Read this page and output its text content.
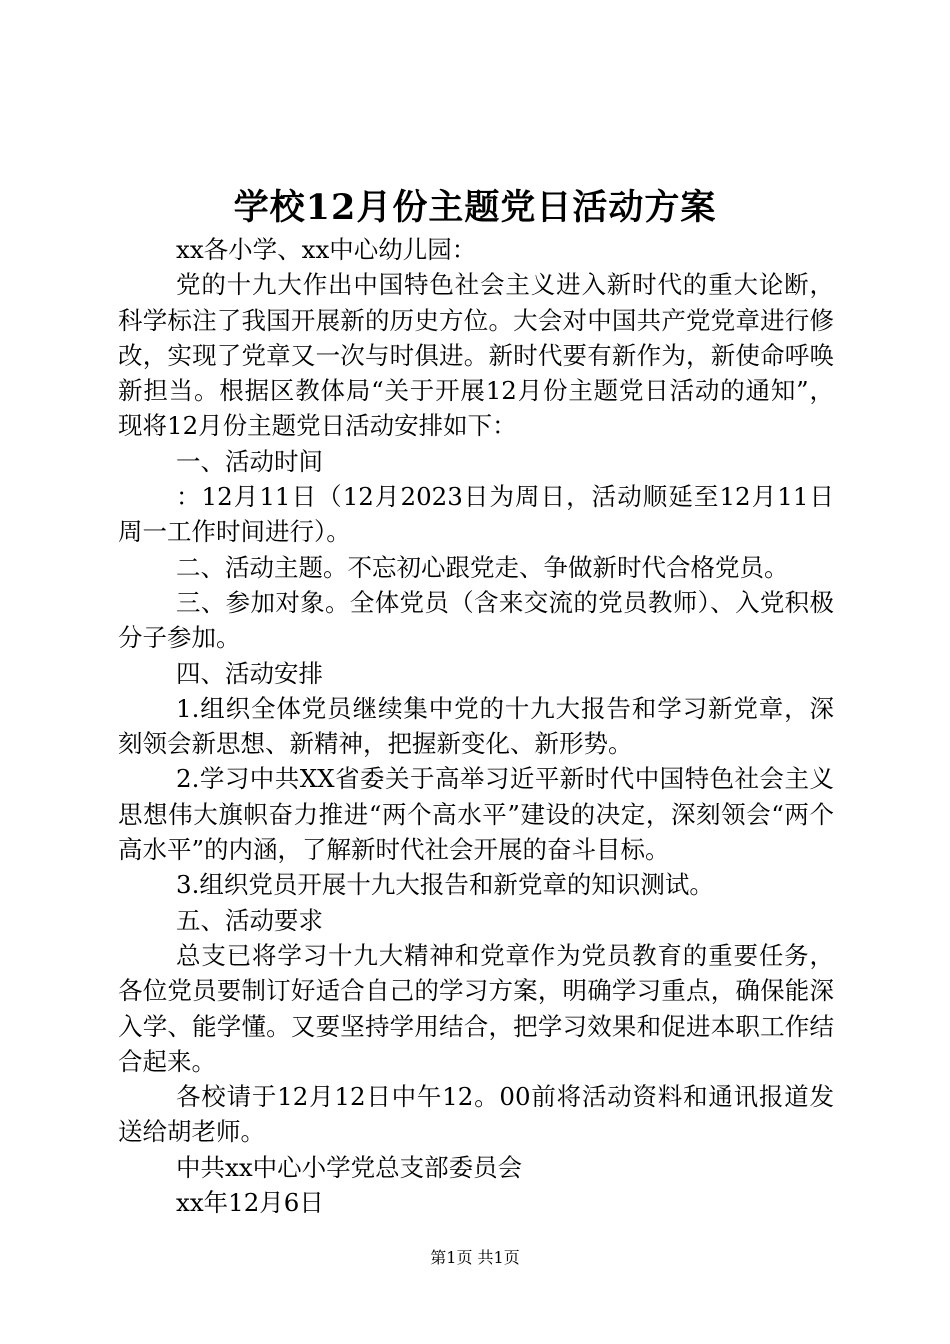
学校12月份主题党日活动方案

xx各小学、xx中心幼儿园：

党的十九大作出中国特色社会主义进入新时代的重大论断，科学标注了我国开展新的历史方位。大会对中国共产党党章进行修改，实现了党章又一次与时俱进。新时代要有新作为，新使命呼唤新担当。根据区教体局“关于开展12月份主题党日活动的通知”，现将12月份主题党日活动安排如下：

一、活动时间

：12月11日（12月2023日为周日，活动顺延至12月11日周一工作时间进行）。

二、活动主题。不忘初心跟党走、争做新时代合格党员。

三、参加对象。全体党员（含来交流的党员教师）、入党积极分子参加。

四、活动安排

1.组织全体党员继续集中党的十九大报告和学习新党章，深刻领会新思想、新精神，把握新变化、新形势。

2.学习中共XX省委关于高举习近平新时代中国特色社会主义思想伟大旗帜奋力推进“两个高水平”建设的决定，深刻领会“两个高水平”的内涵，了解新时代社会开展的奋斗目标。

3.组织党员开展十九大报告和新党章的知识测试。

五、活动要求

总支已将学习十九大精神和党章作为党员教育的重要任务，各位党员要制订好适合自己的学习方案，明确学习重点，确保能深入学、能学懂。又要坚持学用结合，把学习效果和促进本职工作结合起来。

各校请于12月12日中午12。00前将活动资料和通讯报道发送给胡老师。

中共xx中心小学党总支部委员会

xx年12月6日

第1页 共1页
